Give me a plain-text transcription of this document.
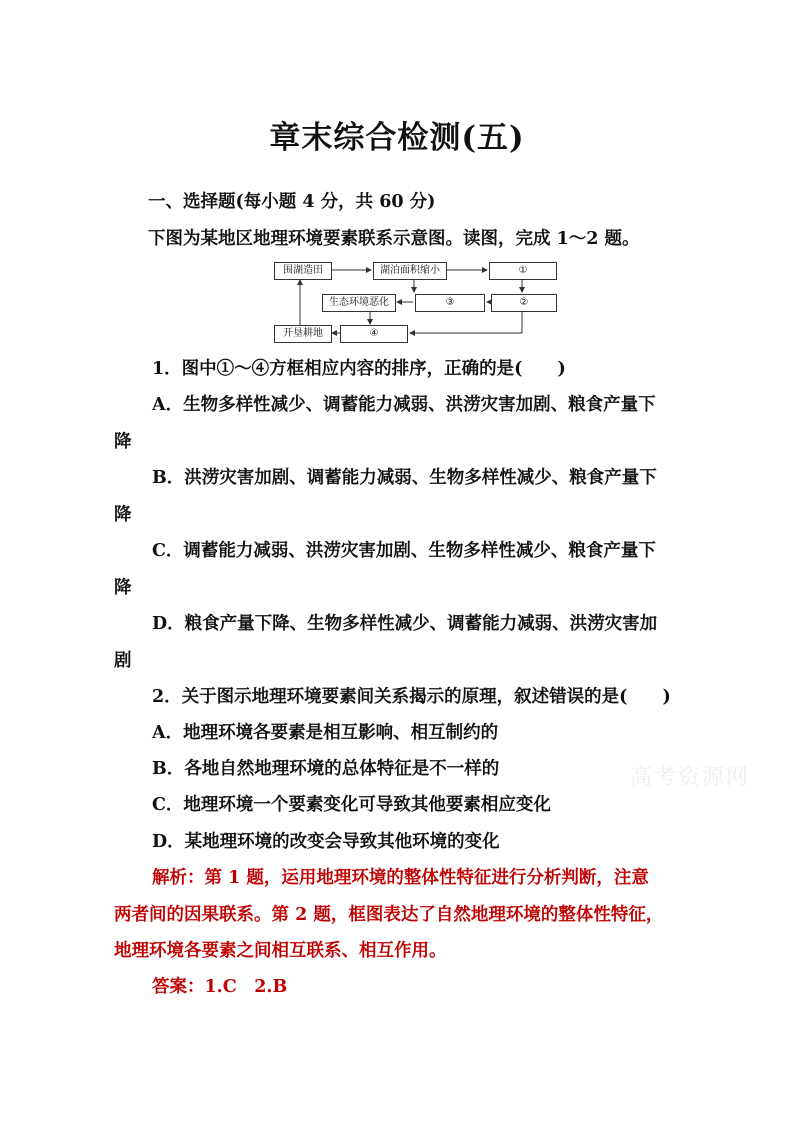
章末综合检测(五)
一、选择题(每小题 4 分，共 60 分)
下图为某地区地理环境要素联系示意图。读图，完成 1～2 题。
围湖造田	湖泊面积缩小	①
生态环境恶化	③	②
开垦耕地	④
1．图中①～④方框相应内容的排序，正确的是(　　)
A．生物多样性减少、调蓄能力减弱、洪涝灾害加剧、粮食产量下
降
B．洪涝灾害加剧、调蓄能力减弱、生物多样性减少、粮食产量下
降
C．调蓄能力减弱、洪涝灾害加剧、生物多样性减少、粮食产量下
降
D．粮食产量下降、生物多样性减少、调蓄能力减弱、洪涝灾害加
剧
2．关于图示地理环境要素间关系揭示的原理，叙述错误的是(　　)
A．地理环境各要素是相互影响、相互制约的
B．各地自然地理环境的总体特征是不一样的
C．地理环境一个要素变化可导致其他要素相应变化
D．某地理环境的改变会导致其他环境的变化
解析：第 1 题，运用地理环境的整体性特征进行分析判断，注意
两者间的因果联系。第 2 题，框图表达了自然地理环境的整体性特征，
地理环境各要素之间相互联系、相互作用。
答案：1.C　2.B
高考资源网
